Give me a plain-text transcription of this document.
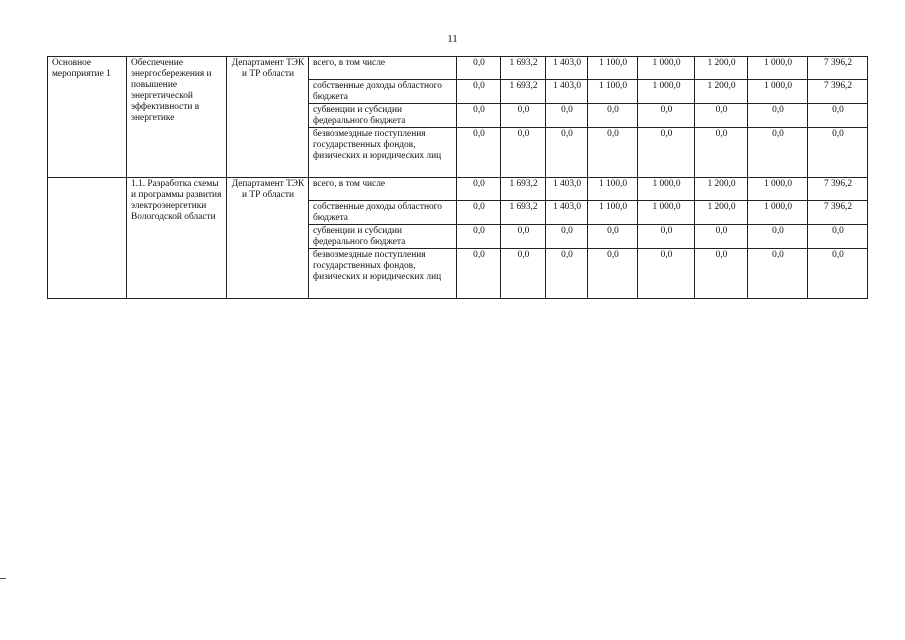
11
Основное мероприятие 1	Обеспечение энергосбережения и повышение энергетической эффективности в энергетике	Департамент ТЭК и ТР области	всего, в том числе	0,0	1 693,2	1 403,0	1 100,0	1 000,0	1 200,0	1 000,0	7 396,2
			собственные доходы областного бюджета	0,0	1 693,2	1 403,0	1 100,0	1 000,0	1 200,0	1 000,0	7 396,2
			субвенции и субсидии федерального бюджета	0,0	0,0	0,0	0,0	0,0	0,0	0,0	0,0
			безвозмездные поступления государственных фондов, физических и юридических лиц	0,0	0,0	0,0	0,0	0,0	0,0	0,0	0,0
	1.1. Разработка схемы и программы развития электроэнергетики Вологодской области	Департамент ТЭК и ТР области	всего, в том числе	0,0	1 693,2	1 403,0	1 100,0	1 000,0	1 200,0	1 000,0	7 396,2
			собственные доходы областного бюджета	0,0	1 693,2	1 403,0	1 100,0	1 000,0	1 200,0	1 000,0	7 396,2
			субвенции и субсидии федерального бюджета	0,0	0,0	0,0	0,0	0,0	0,0	0,0	0,0
			безвозмездные поступления государственных фондов, физических и юридических лиц	0,0	0,0	0,0	0,0	0,0	0,0	0,0	0,0
